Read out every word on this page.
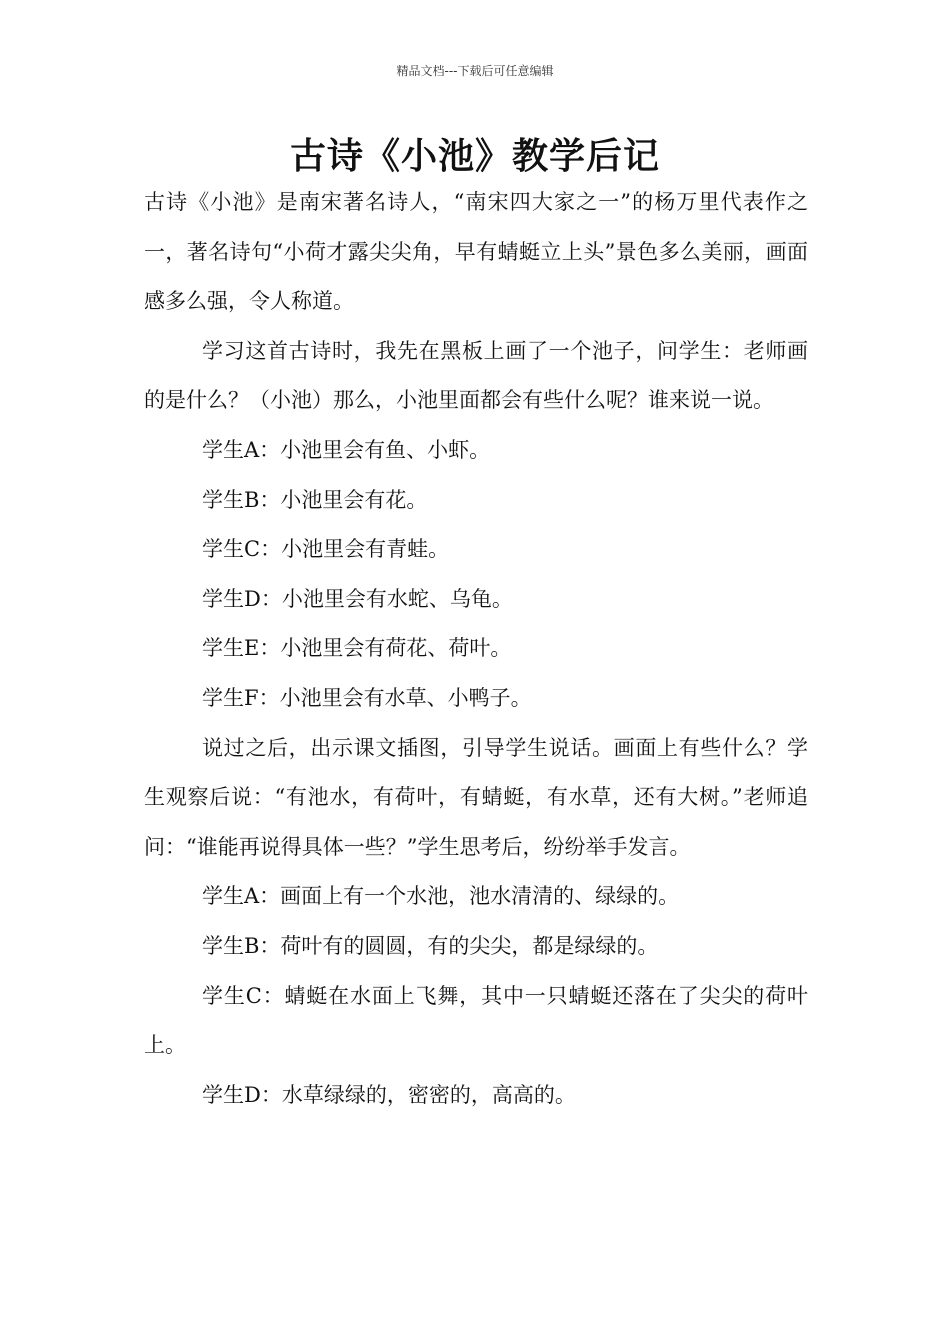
精品文档---下载后可任意编辑
古诗《小池》教学后记

古诗《小池》是南宋著名诗人，“南宋四大家之一”的杨万里代表作之一，著名诗句“小荷才露尖尖角，早有蜻蜓立上头”景色多么美丽，画面感多么强，令人称道。

学习这首古诗时，我先在黑板上画了一个池子，问学生：老师画的是什么？（小池）那么，小池里面都会有些什么呢？谁来说一说。

学生A：小池里会有鱼、小虾。

学生B：小池里会有花。

学生C：小池里会有青蛙。

学生D：小池里会有水蛇、乌龟。

学生E：小池里会有荷花、荷叶。

学生F：小池里会有水草、小鸭子。

说过之后，出示课文插图，引导学生说话。画面上有些什么？学生观察后说：“有池水，有荷叶，有蜻蜓，有水草，还有大树。”老师追问：“谁能再说得具体一些？”学生思考后，纷纷举手发言。

学生A：画面上有一个水池，池水清清的、绿绿的。

学生B：荷叶有的圆圆，有的尖尖，都是绿绿的。

学生C：蜻蜓在水面上飞舞，其中一只蜻蜓还落在了尖尖的荷叶上。

学生D：水草绿绿的，密密的，高高的。
